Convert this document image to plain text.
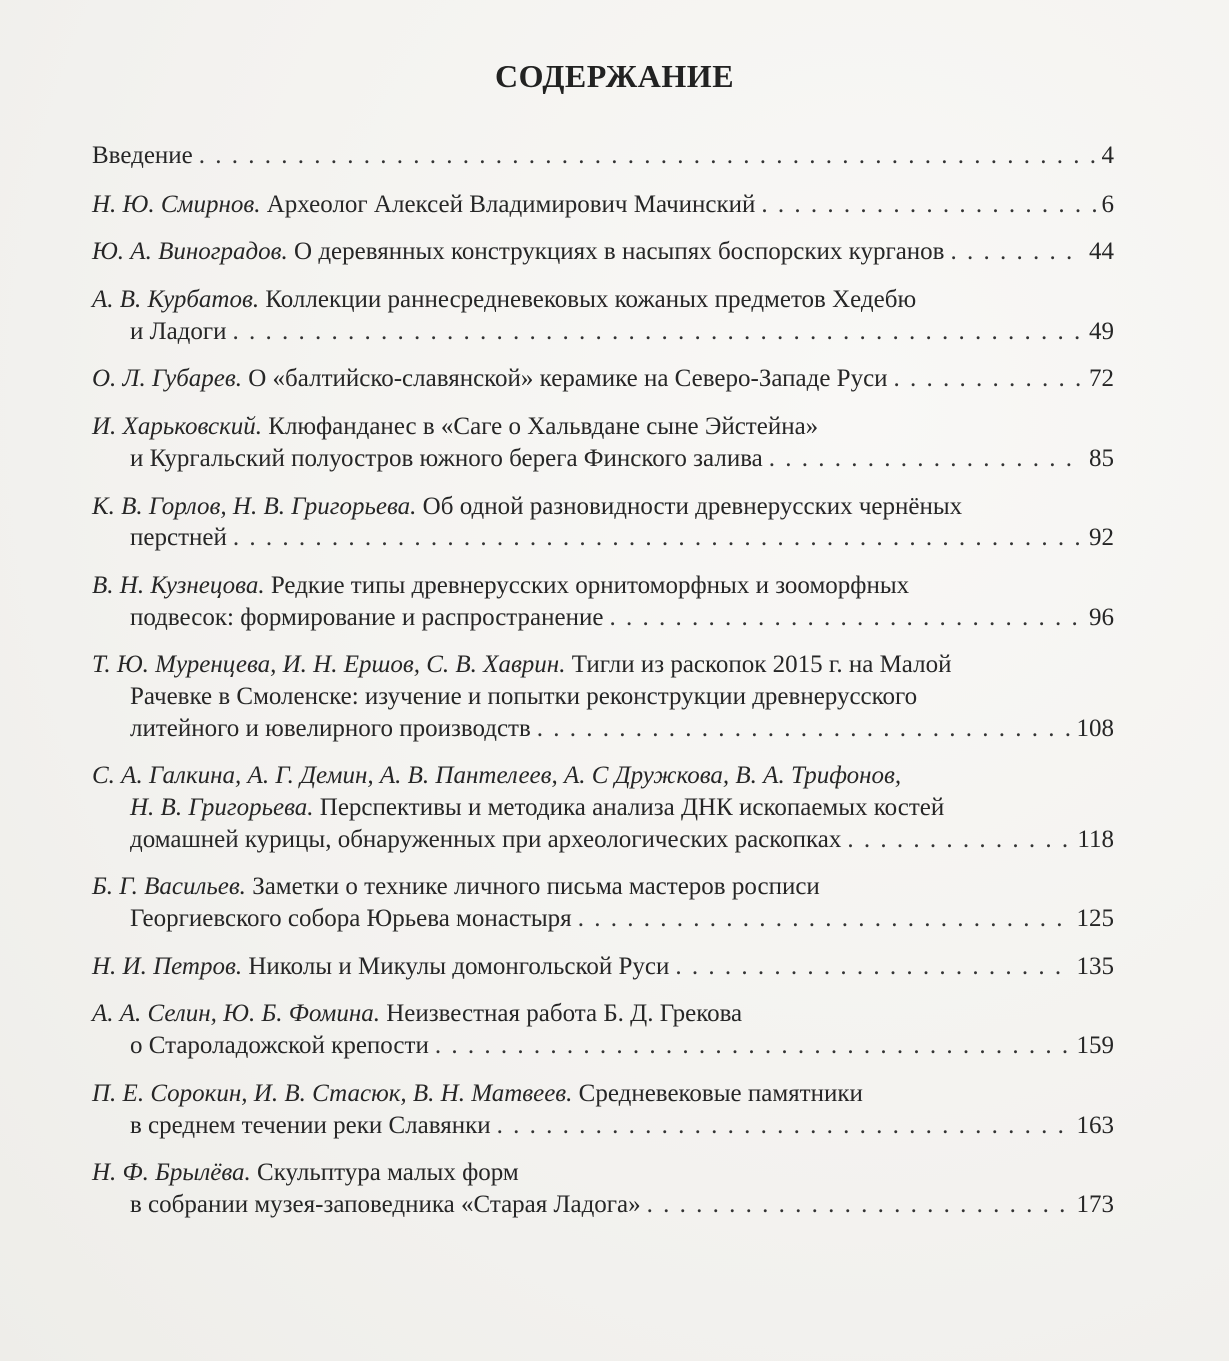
СОДЕРЖАНИЕ
Введение . . .	4
Н. Ю. Смирнов.
Археолог Алексей Владимирович Мачинский . . .	6
Ю. А. Виноградов.
О деревянных конструкциях в насыпях боспорских курганов . . .	44
А. В. Курбатов.
Коллекции раннесредневековых кожаных предметов Хедебю
и Ладоги . . .	49
О. Л. Губарев.
О «балтийско-славянской» керамике на Северо-Западе Руси . . .	72
И. Харьковский.
Клюфанданес в «Саге о Хальвдане сыне Эйстейна»
и Кургальский полуостров южного берега Финского залива . . .	85
К. В. Горлов, Н. В. Григорьева.
Об одной разновидности древнерусских чернёных
перстней . . .	92
В. Н. Кузнецова.
Редкие типы древнерусских орнитоморфных и зооморфных
подвесок: формирование и распространение . . .	96
Т. Ю. Муренцева, И. Н. Ершов, С. В. Хаврин.
Тигли из раскопок 2015 г. на Малой
Рачевке в Смоленске: изучение и попытки реконструкции древнерусского
литейного и ювелирного производств . . .	108
С. А. Галкина, А. Г. Демин, А. В. Пантелеев, А. С Дружкова, В. А. Трифонов,
Н. В. Григорьева.
Перспективы и методика анализа ДНК ископаемых костей
домашней курицы, обнаруженных при археологических раскопках . . .	118
Б. Г. Васильев.
Заметки о технике личного письма мастеров росписи
Георгиевского собора Юрьева монастыря . . .	125
Н. И. Петров.
Николы и Микулы домонгольской Руси . . .	135
А. А. Селин, Ю. Б. Фомина.
Неизвестная работа Б. Д. Грекова
о Староладожской крепости . . .	159
П. Е. Сорокин, И. В. Стасюк, В. Н. Матвеев.
Средневековые памятники
в среднем течении реки Славянки . . .	163
Н. Ф. Брылёва.
Скульптура малых форм
в собрании музея-заповедника «Старая Ладога» . . .	173
